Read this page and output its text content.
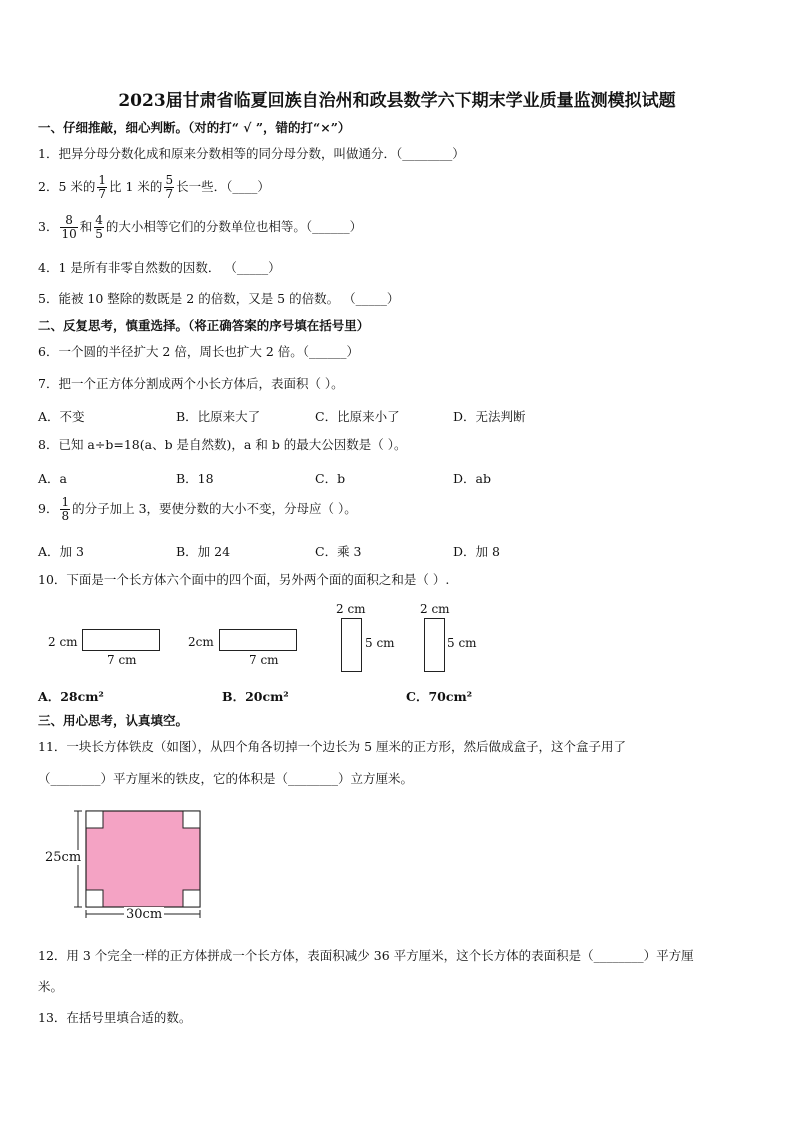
2023届甘肃省临夏回族自治州和政县数学六下期末学业质量监测模拟试题
一、仔细推敲，细心判断。（对的打“ √ ”，错的打“×”）
1．把异分母分数化成和原来分数相等的同分母分数，叫做通分．（________）
2．5 米的 $\frac{1}{7}$ 比 1 米的 $\frac{5}{7}$ 长一些．（____）
3． $\frac{8}{10}$ 和 $\frac{4}{5}$ 的大小相等它们的分数单位也相等。（______）
4．1 是所有非零自然数的因数． （_____）
5．能被 10 整除的数既是 2 的倍数，又是 5 的倍数。 （_____）
二、反复思考，慎重选择。（将正确答案的序号填在括号里）
6．一个圆的半径扩大 2 倍，周长也扩大 2 倍。（______）
7．把一个正方体分割成两个小长方体后，表面积（ ）。
A．不变	B．比原来大了	C．比原来小了	D．无法判断
8．已知 a÷b=18(a、b 是自然数)，a 和 b 的最大公因数是（ ）。
A．a	B．18	C．b	D．ab
9． $\frac{1}{8}$ 的分子加上 3，要使分数的大小不变，分母应（ ）。
A．加 3	B．加 24	C．乘 3	D．加 8
10．下面是一个长方体六个面中的四个面，另外两个面的面积之和是（ ）.
2 cm
7 cm
2cm
7 cm
2 cm
5 cm
2 cm
5 cm
A．28cm²	B．20cm²	C．70cm²
三、用心思考，认真填空。
11．一块长方体铁皮（如图），从四个角各切掉一个边长为 5 厘米的正方形，然后做成盒子，这个盒子用了
（________）平方厘米的铁皮，它的体积是（________）立方厘米。
25cm
30cm
12．用 3 个完全一样的正方体拼成一个长方体，表面积减少 36 平方厘米，这个长方体的表面积是（________）平方厘
米。
13．在括号里填合适的数。
